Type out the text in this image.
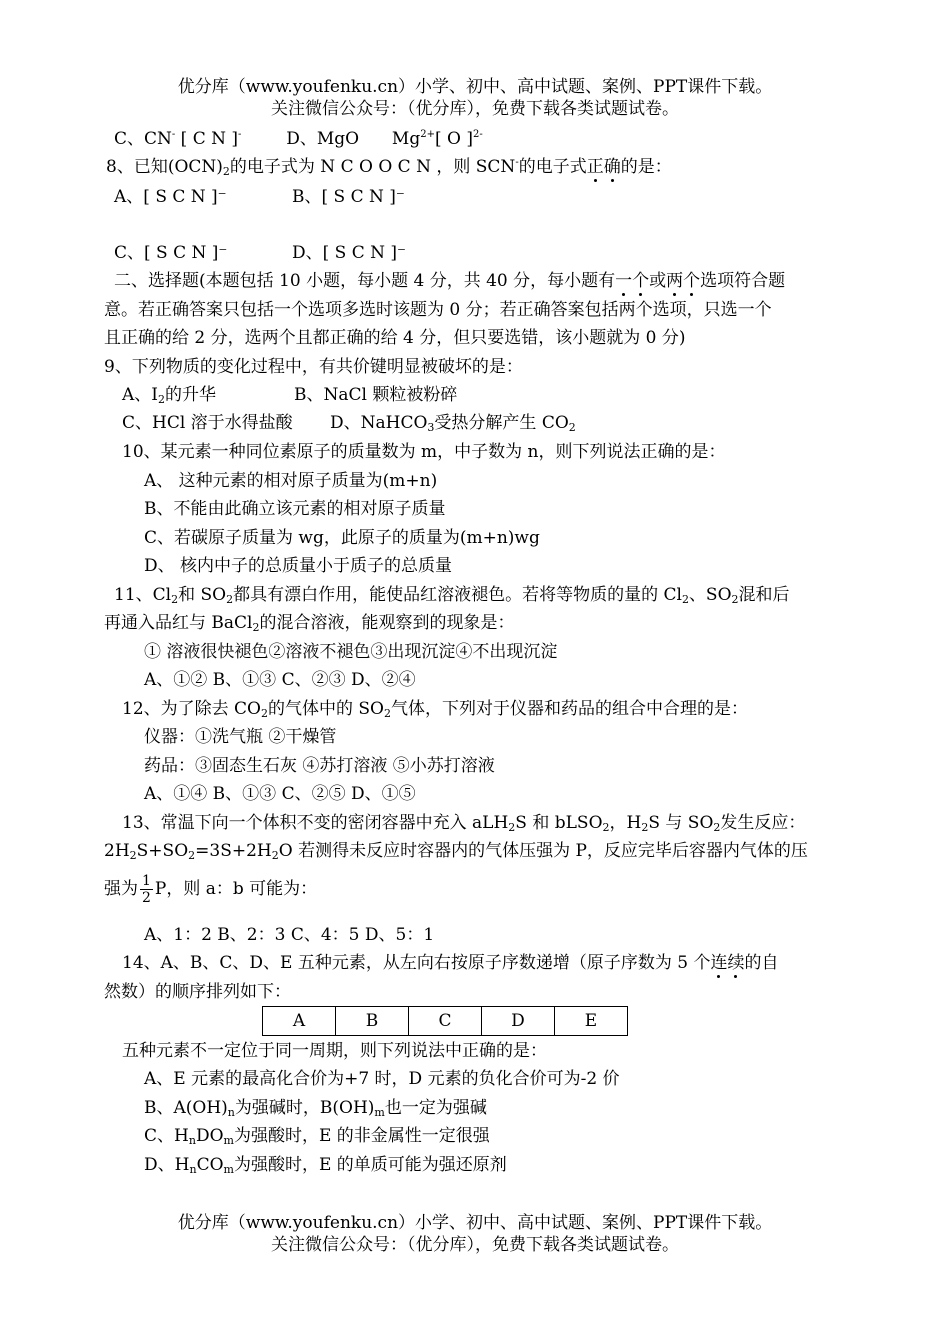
优分库（www.youfenku.cn）小学、初中、高中试题、案例、PPT课件下载。
关注微信公众号：（优分库），免费下载各类试题试卷。
C、CN- [ C N ]-	D、MgO $Mg^{2+}$[ O ]$^{2-}$
8、已知$(OCN)_2$的电子式为 N C O O C N ，则 SCN-的电子式正确的是：
A、[ S C N ]⁻	B、[ S C N ]⁻
C、[ S C N ]⁻	D、[ S C N ]⁻
二、选择题(本题包括 10 小题，每小题 4 分，共 40 分，每小题有一个或两个选项符合题
意。若正确答案只包括一个选项多选时该题为 0 分；若正确答案包括两个选项，只选一个
且正确的给 2 分，选两个且都正确的给 4 分，但只要选错，该小题就为 0 分)
9、下列物质的变化过程中，有共价键明显被破坏的是：
A、$I_2$的升华	B、NaCl 颗粒被粉碎
C、HCl 溶于水得盐酸 D、NaHCO$_3$受热分解产生 $CO_2$
10、某元素一种同位素原子的质量数为 m，中子数为 n，则下列说法正确的是：
A、 这种元素的相对原子质量为(m+n)
B、不能由此确立该元素的相对原子质量
C、若碳原子质量为 wg，此原子的质量为(m+n)wg
D、 核内中子的总质量小于质子的总质量
11、$Cl_2$和 $SO_2$都具有漂白作用，能使品红溶液褪色。若将等物质的量的 $Cl_2$、$SO_2$混和后
再通入品红与 BaCl$_2$的混合溶液，能观察到的现象是：
① 溶液很快褪色②溶液不褪色③出现沉淀④不出现沉淀
A、①② B、①③ C、②③ D、②④
12、为了除去 $CO_2$的气体中的 $SO_2$气体，下列对于仪器和药品的组合中合理的是：
仪器：①洗气瓶 ②干燥管
药品：③固态生石灰 ④苏打溶液 ⑤小苏打溶液
A、①④ B、①③ C、②⑤ D、①⑤
13、常温下向一个体积不变的密闭容器中充入 aLH$_2$S 和 bLSO$_2$，$H_2S$ 与 $SO_2$发生反应：
$2H_2S+SO_2=3S+2H_2O$ 若测得未反应时容器内的气体压强为 P，反应完毕后容器内气体的压
强为 $\frac{1}{2}$ P，则 a：b 可能为：
A、1：2 B、2：3 C、4：5 D、5：1
14、A、B、C、D、E 五种元素，从左向右按原子序数递增（原子序数为 5 个连续的自
然数）的顺序排列如下：
A	B	C	D	E
五种元素不一定位于同一周期，则下列说法中正确的是：
A、E 元素的最高化合价为+7 时，D 元素的负化合价可为-2 价
B、$A(OH)_n$为强碱时，$B(OH)_m$也一定为强碱
C、$H_nDO_m$为强酸时，E 的非金属性一定很强
D、$H_nCO_m$为强酸时，E 的单质可能为强还原剂
优分库（www.youfenku.cn）小学、初中、高中试题、案例、PPT课件下载。
关注微信公众号：（优分库），免费下载各类试题试卷。
